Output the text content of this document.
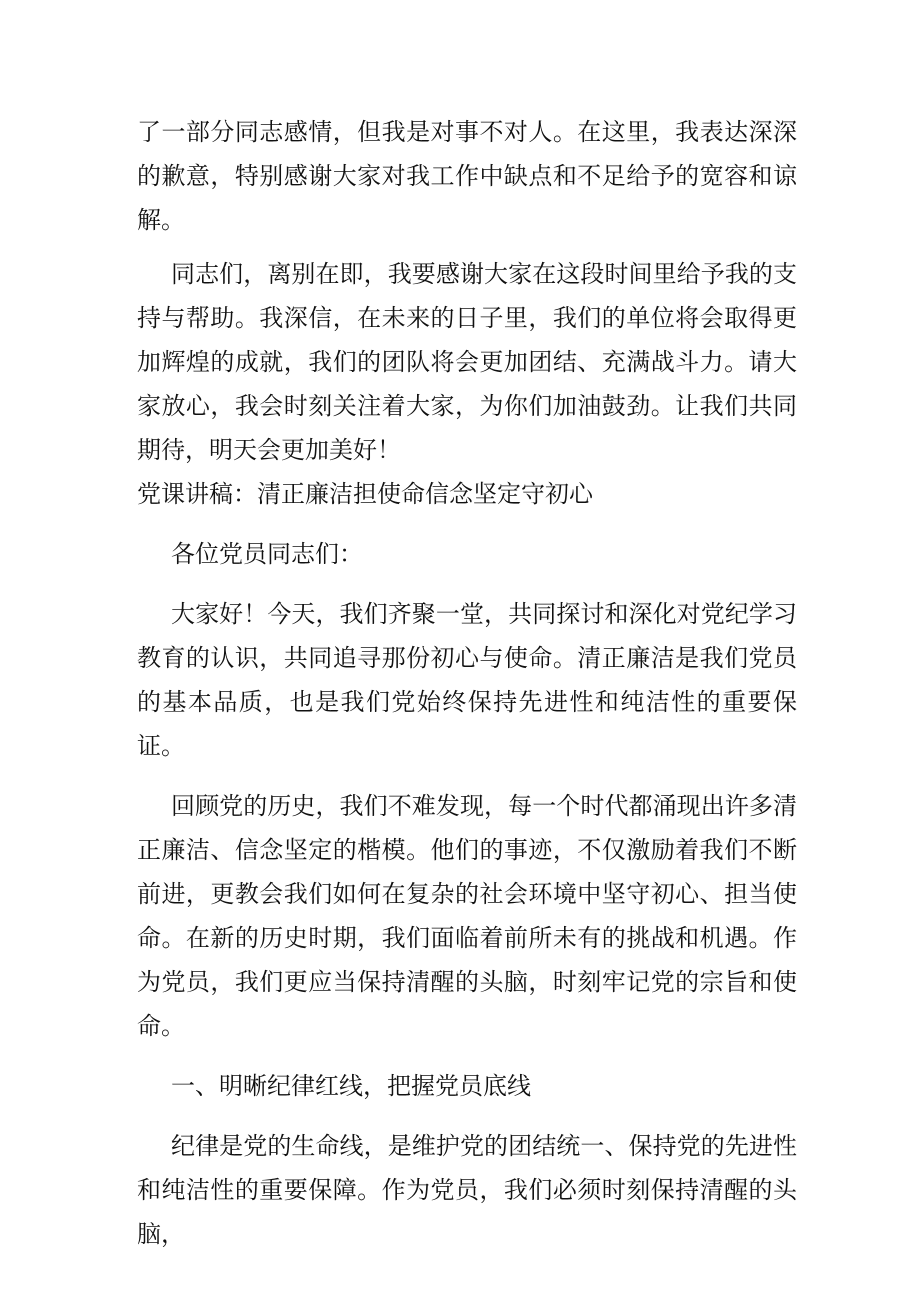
了一部分同志感情，但我是对事不对人。在这里，我表达深深的歉意，特别感谢大家对我工作中缺点和不足给予的宽容和谅解。

同志们，离别在即，我要感谢大家在这段时间里给予我的支持与帮助。我深信，在未来的日子里，我们的单位将会取得更加辉煌的成就，我们的团队将会更加团结、充满战斗力。请大家放心，我会时刻关注着大家，为你们加油鼓劲。让我们共同期待，明天会更加美好！

党课讲稿：清正廉洁担使命信念坚定守初心

各位党员同志们：

大家好！今天，我们齐聚一堂，共同探讨和深化对党纪学习教育的认识，共同追寻那份初心与使命。清正廉洁是我们党员的基本品质，也是我们党始终保持先进性和纯洁性的重要保证。

回顾党的历史，我们不难发现，每一个时代都涌现出许多清正廉洁、信念坚定的楷模。他们的事迹，不仅激励着我们不断前进，更教会我们如何在复杂的社会环境中坚守初心、担当使命。在新的历史时期，我们面临着前所未有的挑战和机遇。作为党员，我们更应当保持清醒的头脑，时刻牢记党的宗旨和使命。

一、明晰纪律红线，把握党员底线

纪律是党的生命线，是维护党的团结统一、保持党的先进性和纯洁性的重要保障。作为党员，我们必须时刻保持清醒的头脑，
